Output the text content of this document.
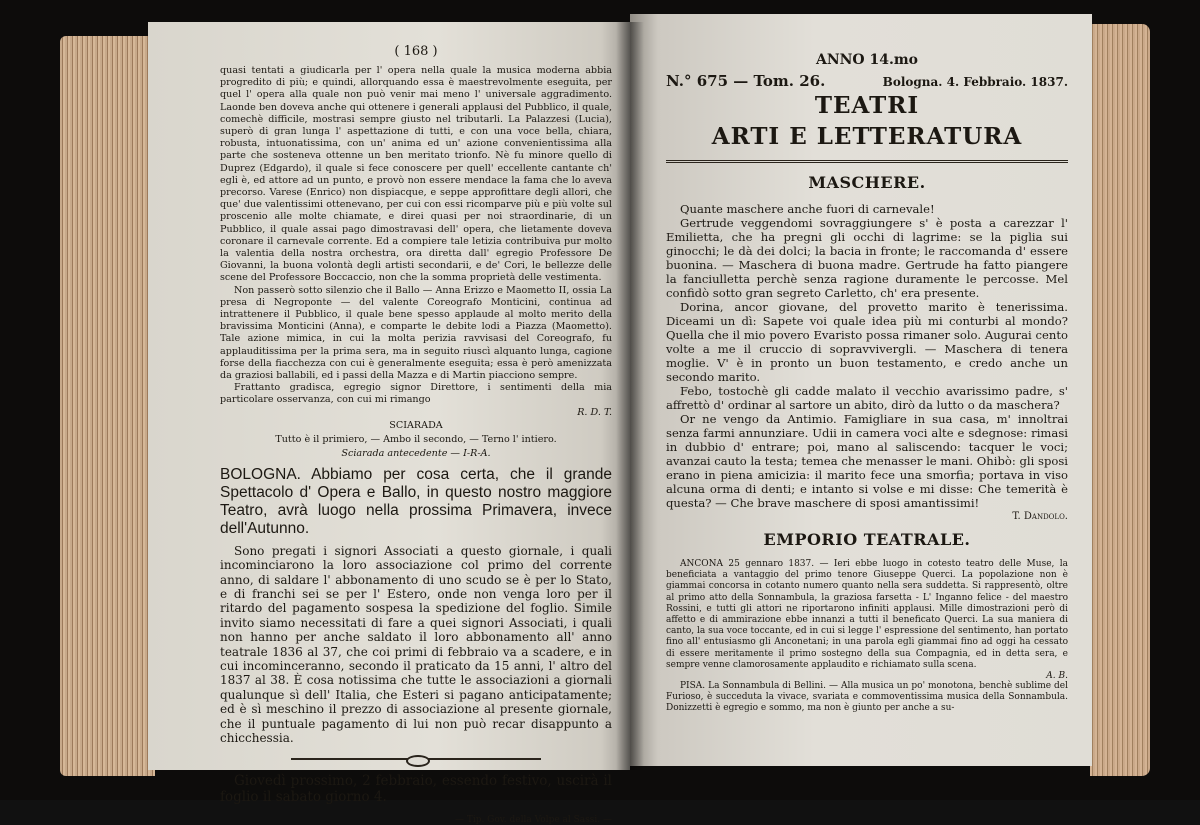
( 168 )

quasi tentati a giudicarla per l' opera nella quale la musica moderna abbia progredito di più; e quindi, allorquando essa è maestrevolmente eseguita, per quel l' opera alla quale non può venir mai meno l' universale aggradimento. Laonde ben doveva anche qui ottenere i generali applausi del Pubblico, il quale, comechè difficile, mostrasi sempre giusto nel tributarli. La Palazzesi (Lucia), superò di gran lunga l' aspettazione di tutti, e con una voce bella, chiara, robusta, intuonatissima, con un' anima ed un' azione convenientissima alla parte che sosteneva ottenne un ben meritato trionfo. Nè fu minore quello di Duprez (Edgardo), il quale si fece conoscere per quell' eccellente cantante ch' egli è, ed attore ad un punto, e provò non essere mendace la fama che lo aveva precorso. Varese (Enrico) non dispiacque, e seppe approfittare degli allori, che que' due valentissimi ottenevano, per cui con essi ricomparve più e più volte sul proscenio alle molte chiamate, e direi quasi per noi straordinarie, di un Pubblico, il quale assai pago dimostravasi dell' opera, che lietamente doveva coronare il carnevale corrente. Ed a compiere tale letizia contribuiva pur molto la valentia della nostra orchestra, ora diretta dall' egregio Professore De Giovanni, la buona volontà degli artisti secondarii, e de' Cori, le bellezze delle scene del Professore Boccaccio, non che la somma proprietà delle vestimenta.

Non passerò sotto silenzio che il Ballo — Anna Erizzo e Maometto II, ossia La presa di Negroponte — del valente Coreografo Monticini, continua ad intrattenere il Pubblico, il quale bene spesso applaude al molto merito della bravissima Monticini (Anna), e comparte le debite lodi a Piazza (Maometto). Tale azione mimica, in cui la molta perizia ravvisasi del Coreografo, fu applauditissima per la prima sera, ma in seguito riuscì alquanto lunga, cagione forse della fiacchezza con cui è generalmente eseguita; essa è però amenizzata da graziosi ballabili, ed i passi della Mazza e di Martin piacciono sempre.

Frattanto gradisca, egregio signor Direttore, i sentimenti della mia particolare osservanza, con cui mi rimango

R. D. T.
SCIARADA
Tutto è il primiero, — Ambo il secondo, — Terno l' intiero.
Sciarada antecedente — I-R-A.

BOLOGNA. Abbiamo per cosa certa, che il grande Spettacolo d' Opera e Ballo, in questo nostro maggiore Teatro, avrà luogo nella prossima Primavera, invece dell'Autunno.

Sono pregati i signori Associati a questo giornale, i quali incominciarono la loro associazione col primo del corrente anno, di saldare l' abbonamento di uno scudo se è per lo Stato, e di franchi sei se per l' Estero, onde non venga loro per il ritardo del pagamento sospesa la spedizione del foglio. Simile invito siamo necessitati di fare a quei signori Associati, i quali non hanno per anche saldato il loro abbonamento all' anno teatrale 1836 al 37, che coi primi di febbraio va a scadere, e in cui incominceranno, secondo il praticato da 15 anni, l' altro del 1837 al 38. È cosa notissima che tutte le associazioni a giornali qualunque sì dell' Italia, che Esteri si pagano anticipatamente; ed è sì meschino il prezzo di associazione al presente giornale, che il puntuale pagamento di lui non può recar disappunto a chicchessia.

Giovedì prossimo, 2 febbraio, essendo festivo, uscirà il foglio il sabato giorno 4.

— Tip. Gov. della Volpe al Sassi. —
ANNO 14.mo
N.° 675 — Tom. 26.	Bologna. 4. Febbraio. 1837.
TEATRI
ARTI E LETTERATURA
MASCHERE.

Quante maschere anche fuori di carnevale!

Gertrude veggendomi sovraggiungere s' è posta a carezzar l' Emilietta, che ha pregni gli occhi di lagrime: se la piglia sui ginocchi; le dà dei dolci; la bacia in fronte; le raccomanda d' essere buonina. — Maschera di buona madre. Gertrude ha fatto piangere la fanciulletta perchè senza ragione duramente le percosse. Mel confidò sotto gran segreto Carletto, ch' era presente.

Dorina, ancor giovane, del provetto marito è tenerissima. Diceami un dì: Sapete voi quale idea più mi conturbi al mondo? Quella che il mio povero Evaristo possa rimaner solo. Augurai cento volte a me il cruccio di sopravvivergli. — Maschera di tenera moglie. V' è in pronto un buon testamento, e credo anche un secondo marito.

Febo, tostochè gli cadde malato il vecchio avarissimo padre, s' affrettò d' ordinar al sartore un abito, dirò da lutto o da maschera?

Or ne vengo da Antimio. Famigliare in sua casa, m' innoltrai senza farmi annunziare. Udii in camera voci alte e sdegnose: rimasi in dubbio d' entrare; poi, mano al saliscendo: tacquer le voci; avanzai cauto la testa; temea che menasser le mani. Ohibò: gli sposi erano in piena amicizia: il marito fece una smorfia; portava in viso alcuna orma di denti; e intanto si volse e mi disse: Che temerità è questa? — Che brave maschere di sposi amantissimi!

T. Dandolo.
EMPORIO TEATRALE.

ANCONA 25 gennaro 1837. — Ieri ebbe luogo in cotesto teatro delle Muse, la beneficiata a vantaggio del primo tenore Giuseppe Querci. La popolazione non è giammai concorsa in cotanto numero quanto nella sera suddetta. Si rappresentò, oltre al primo atto della Sonnambula, la graziosa farsetta - L' Inganno felice - del maestro Rossini, e tutti gli attori ne riportarono infiniti applausi. Mille dimostrazioni però di affetto e di ammirazione ebbe innanzi a tutti il beneficato Querci. La sua maniera di canto, la sua voce toccante, ed in cui si legge l' espressione del sentimento, han portato fino all' entusiasmo gli Anconetani; in una parola egli giammai fino ad oggi ha cessato di essere meritamente il primo sostegno della sua Compagnia, ed in detta sera, e sempre venne clamorosamente applaudito e richiamato sulla scena.

A. B.

PISA. La Sonnambula di Bellini. — Alla musica un po' monotona, benchè sublime del Furioso, è succeduta la vivace, svariata e commoventissima musica della Sonnambula. Donizzetti è egregio e sommo, ma non è giunto per anche a su-
